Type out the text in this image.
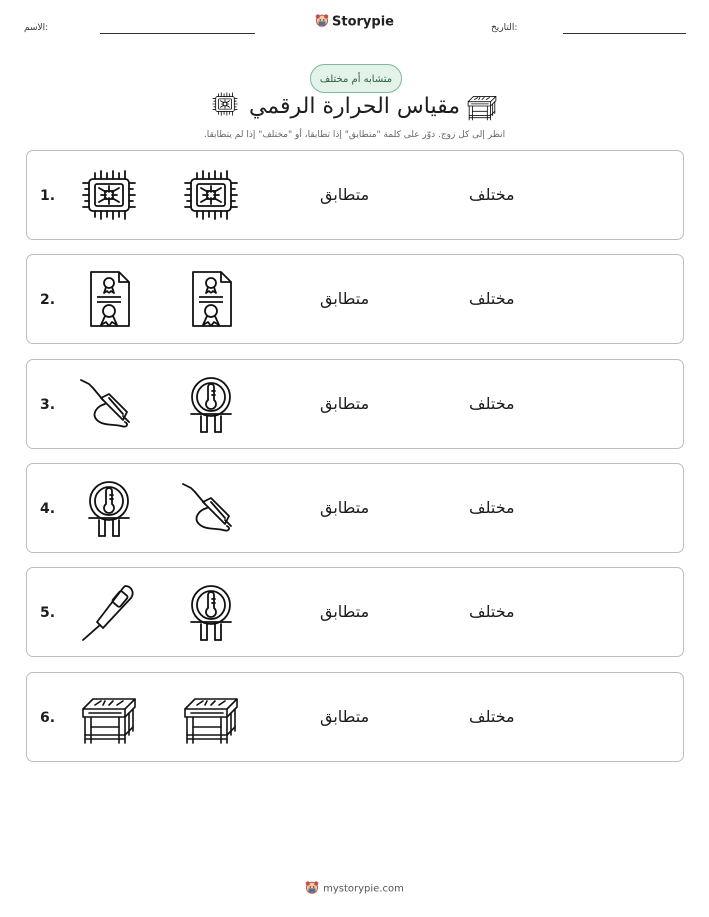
الاسم:	Storypie	التاريخ:
متشابه أم مختلف
مقياس الحرارة الرقمي
انظر إلى كل زوج. دوّر على كلمة "متطابق" إذا تطابقا، أو "مختلف" إذا لم يتطابقا.
1.	متطابق	مختلف
2.	متطابق	مختلف
3.	متطابق	مختلف
4.	متطابق	مختلف
5.	متطابق	مختلف
6.	متطابق	مختلف
mystorypie.com
